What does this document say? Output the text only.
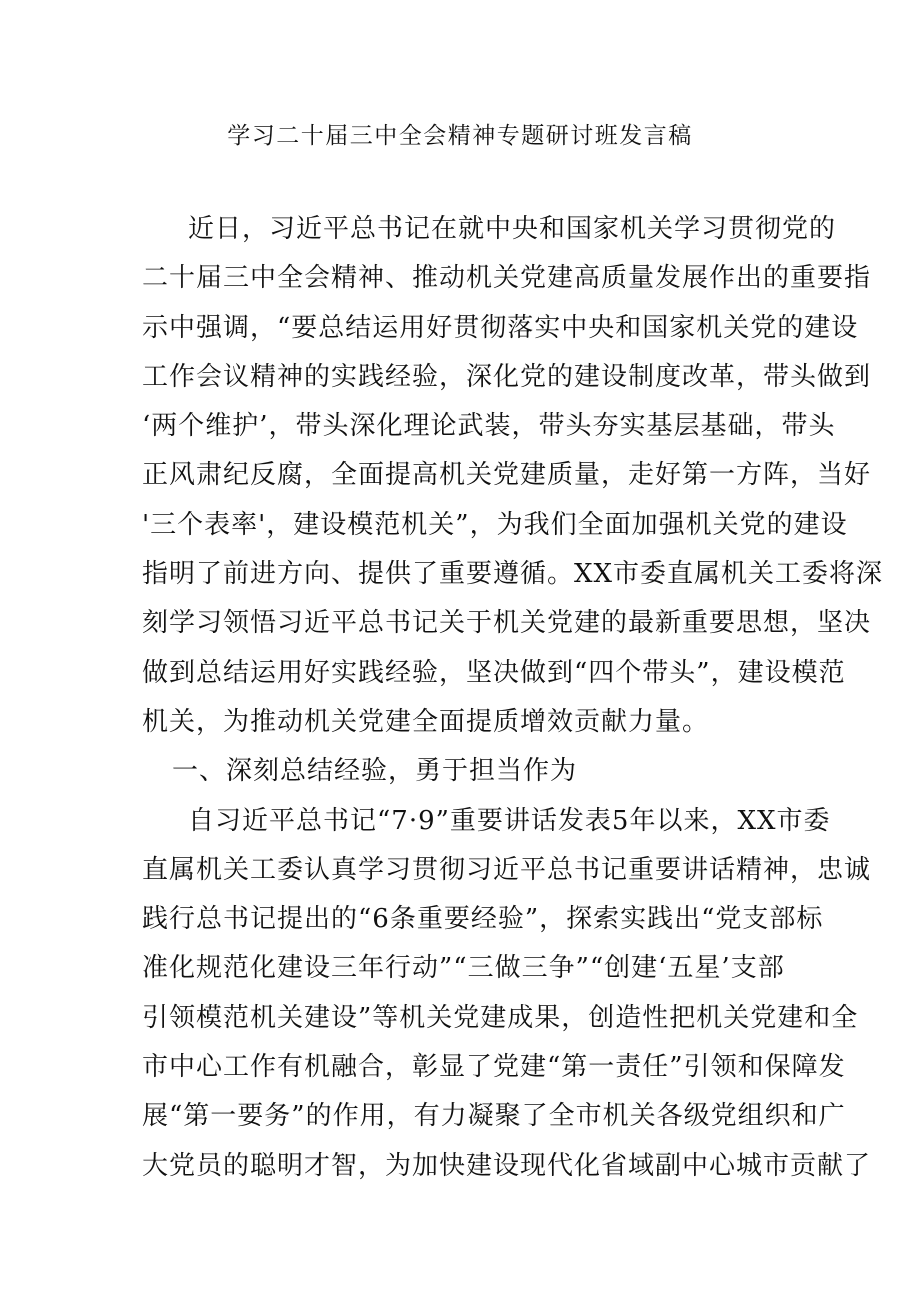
学习二十届三中全会精神专题研讨班发言稿
近日，习近平总书记在就中央和国家机关学习贯彻党的
二十届三中全会精神、推动机关党建高质量发展作出的重要指
示中强调，“要总结运用好贯彻落实中央和国家机关党的建设
工作会议精神的实践经验，深化党的建设制度改革，带头做到
‘两个维护’，带头深化理论武装，带头夯实基层基础，带头
正风肃纪反腐，全面提高机关党建质量，走好第一方阵，当好
'三个表率'，建设模范机关”，为我们全面加强机关党的建设
指明了前进方向、提供了重要遵循。XX市委直属机关工委将深
刻学习领悟习近平总书记关于机关党建的最新重要思想，坚决
做到总结运用好实践经验，坚决做到“四个带头”，建设模范
机关，为推动机关党建全面提质增效贡献力量。
一、深刻总结经验，勇于担当作为
自习近平总书记“7·9”重要讲话发表5年以来，XX市委
直属机关工委认真学习贯彻习近平总书记重要讲话精神，忠诚
践行总书记提出的“6条重要经验”，探索实践出“党支部标
准化规范化建设三年行动”“三做三争”“创建‘五星’支部
引领模范机关建设”等机关党建成果，创造性把机关党建和全
市中心工作有机融合，彰显了党建“第一责任”引领和保障发
展“第一要务”的作用，有力凝聚了全市机关各级党组织和广
大党员的聪明才智，为加快建设现代化省域副中心城市贡献了
